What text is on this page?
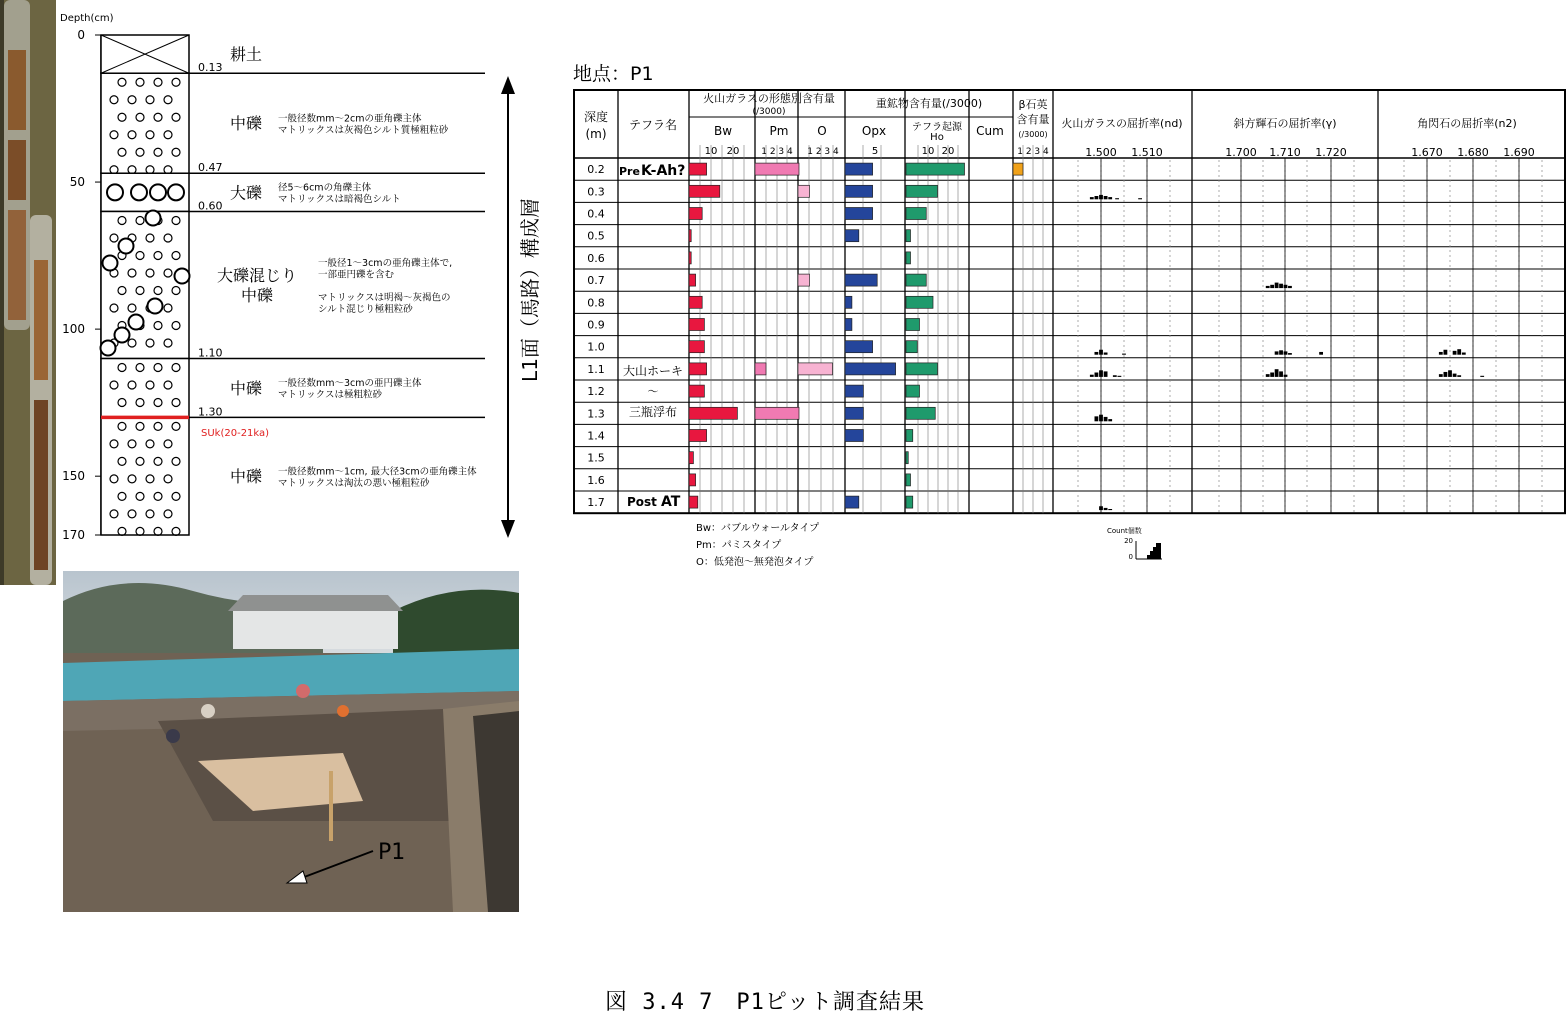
Depth(cm)
0
50
100
150
170
耕土
0.13
中礫 一般径数mm～2cmの亜角礫主体
マトリックスは灰褐色シルト質極粗粒砂
0.47
大礫 径5～6cmの角礫主体
マトリックスは暗褐色シルト
0.60
大礫混じり
中礫
一般径1～3cmの亜角礫主体で,
一部亜円礫を含む
マトリックスは明褐～灰褐色の
シルト混じり極粗粒砂
1.10
中礫 一般径数mm～3cmの亜円礫主体
マトリックスは極粗粒砂
1.30
中礫 一般径数mm～1cm, 最大径3cmの亜角礫主体
マトリックスは淘汰の悪い極粗粒砂
SUk(20-21ka)
L1面（馬路）構成層
P1
地点：P1
深度
(m)
テフラ名
火山ガラスの形態別含有量
(/3000)
Bw	Pm O
10 20 1 2 3 4 1 2 3 4
重鉱物含有量(/3000)
Opx
5
テフラ起源
Ho
10 20
Cum
β石英
含有量
(/3000)
1 2 3 4
火山ガラスの屈折率(nd)
1.500 1.510
斜方輝石の屈折率(γ)
1.700 1.710 1.720
角閃石の屈折率(n2)
1.670 1.680 1.690
0.2
0.3
0.4
0.5
0.6
0.7
0.8
0.9
1.0
1.1
1.2
1.3
1.4
1.5
1.6
1.7
Pre K-Ah?
大山ホーキ
～
三瓶浮布
Post AT
Bw：バブルウォールタイプ
Pm：パミスタイプ
O：低発泡～無発泡タイプ
Count個数
20
0
図 3.4 7　P1ピット調査結果
